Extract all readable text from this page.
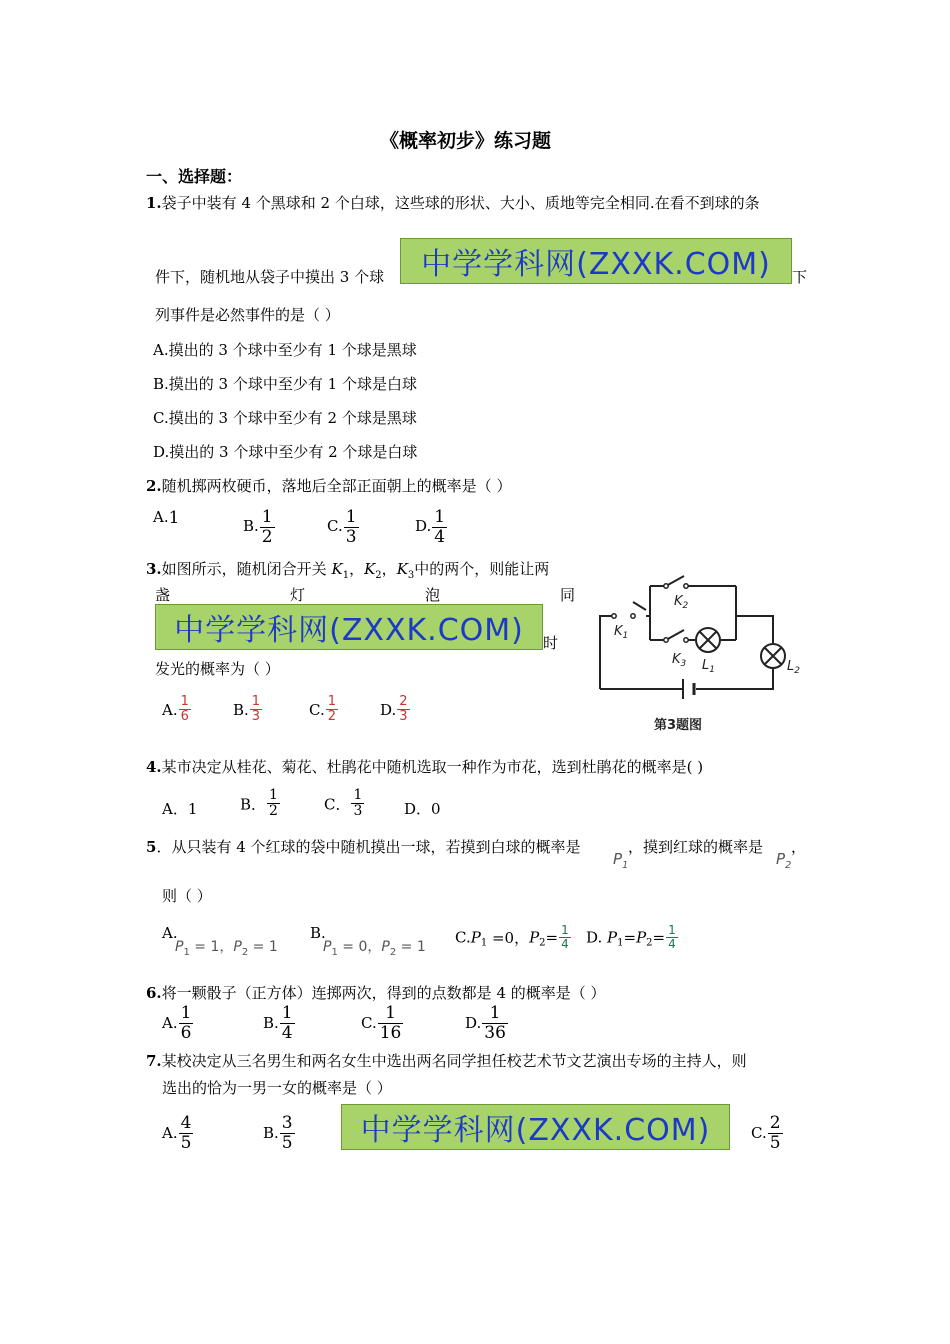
《概率初步》练习题
一、选择题：
1.袋子中装有 4 个黑球和 2 个白球，这些球的形状、大小、质地等完全相同.在看不到球的条
件下，随机地从袋子中摸出 3 个球	中学学科网(ZXXK.COM)	下
列事件是必然事件的是（ ）
A.摸出的 3 个球中至少有 1 个球是黑球
B.摸出的 3 个球中至少有 1 个球是白球
C.摸出的 3 个球中至少有 2 个球是黑球
D.摸出的 3 个球中至少有 2 个球是白球
2.随机掷两枚硬币，落地后全部正面朝上的概率是（ ）
A.1	B. $\frac{1}{2}$	C. $\frac{1}{3}$	D. $\frac{1}{4}$
3.如图所示，随机闭合开关 $K_1$，$K_2$，$K_3$中的两个，则能让两
盏	灯	泡	同
中学学科网(ZXXK.COM)	时
发光的概率为（ ）
A. $\frac{1}{6}$	B. $\frac{1}{3}$	C. $\frac{1}{2}$	D. $\frac{2}{3}$
$K_1$
$K_2$
$K_3$ $L_1$	$L_2$
第3题图
4.某市决定从桂花、菊花、杜鹃花中随机选取一种作为市花，选到杜鹃花的概率是( )
A．1	B． $\frac{1}{2}$	C． $\frac{1}{3}$	D．0
5．从只装有 4 个红球的袋中随机摸出一球，若摸到白球的概率是
$P_1$
，摸到红球的概率是
$P_2$
，
则（ ）
A.
$P_1 = 1$，$P_2 = 1$
B.
$P_1 = 0$，$P_2 = 1$
$C.P_1 =0$，$P_2= \frac{1}{4} D$. $P_1=P_2= \frac{1}{4}$
6.将一颗骰子（正方体）连掷两次，得到的点数都是 4 的概率是（ ）
A. $\frac{1}{6}$	B. $\frac{1}{4}$	C. $\frac{1}{16}$	D. $\frac{1}{36}$
7.某校决定从三名男生和两名女生中选出两名同学担任校艺术节文艺演出专场的主持人，则
选出的恰为一男一女的概率是（ ）
A. $\frac{4}{5}$	B. $\frac{3}{5}$	中学学科网(ZXXK.COM)	C. $\frac{2}{5}$
